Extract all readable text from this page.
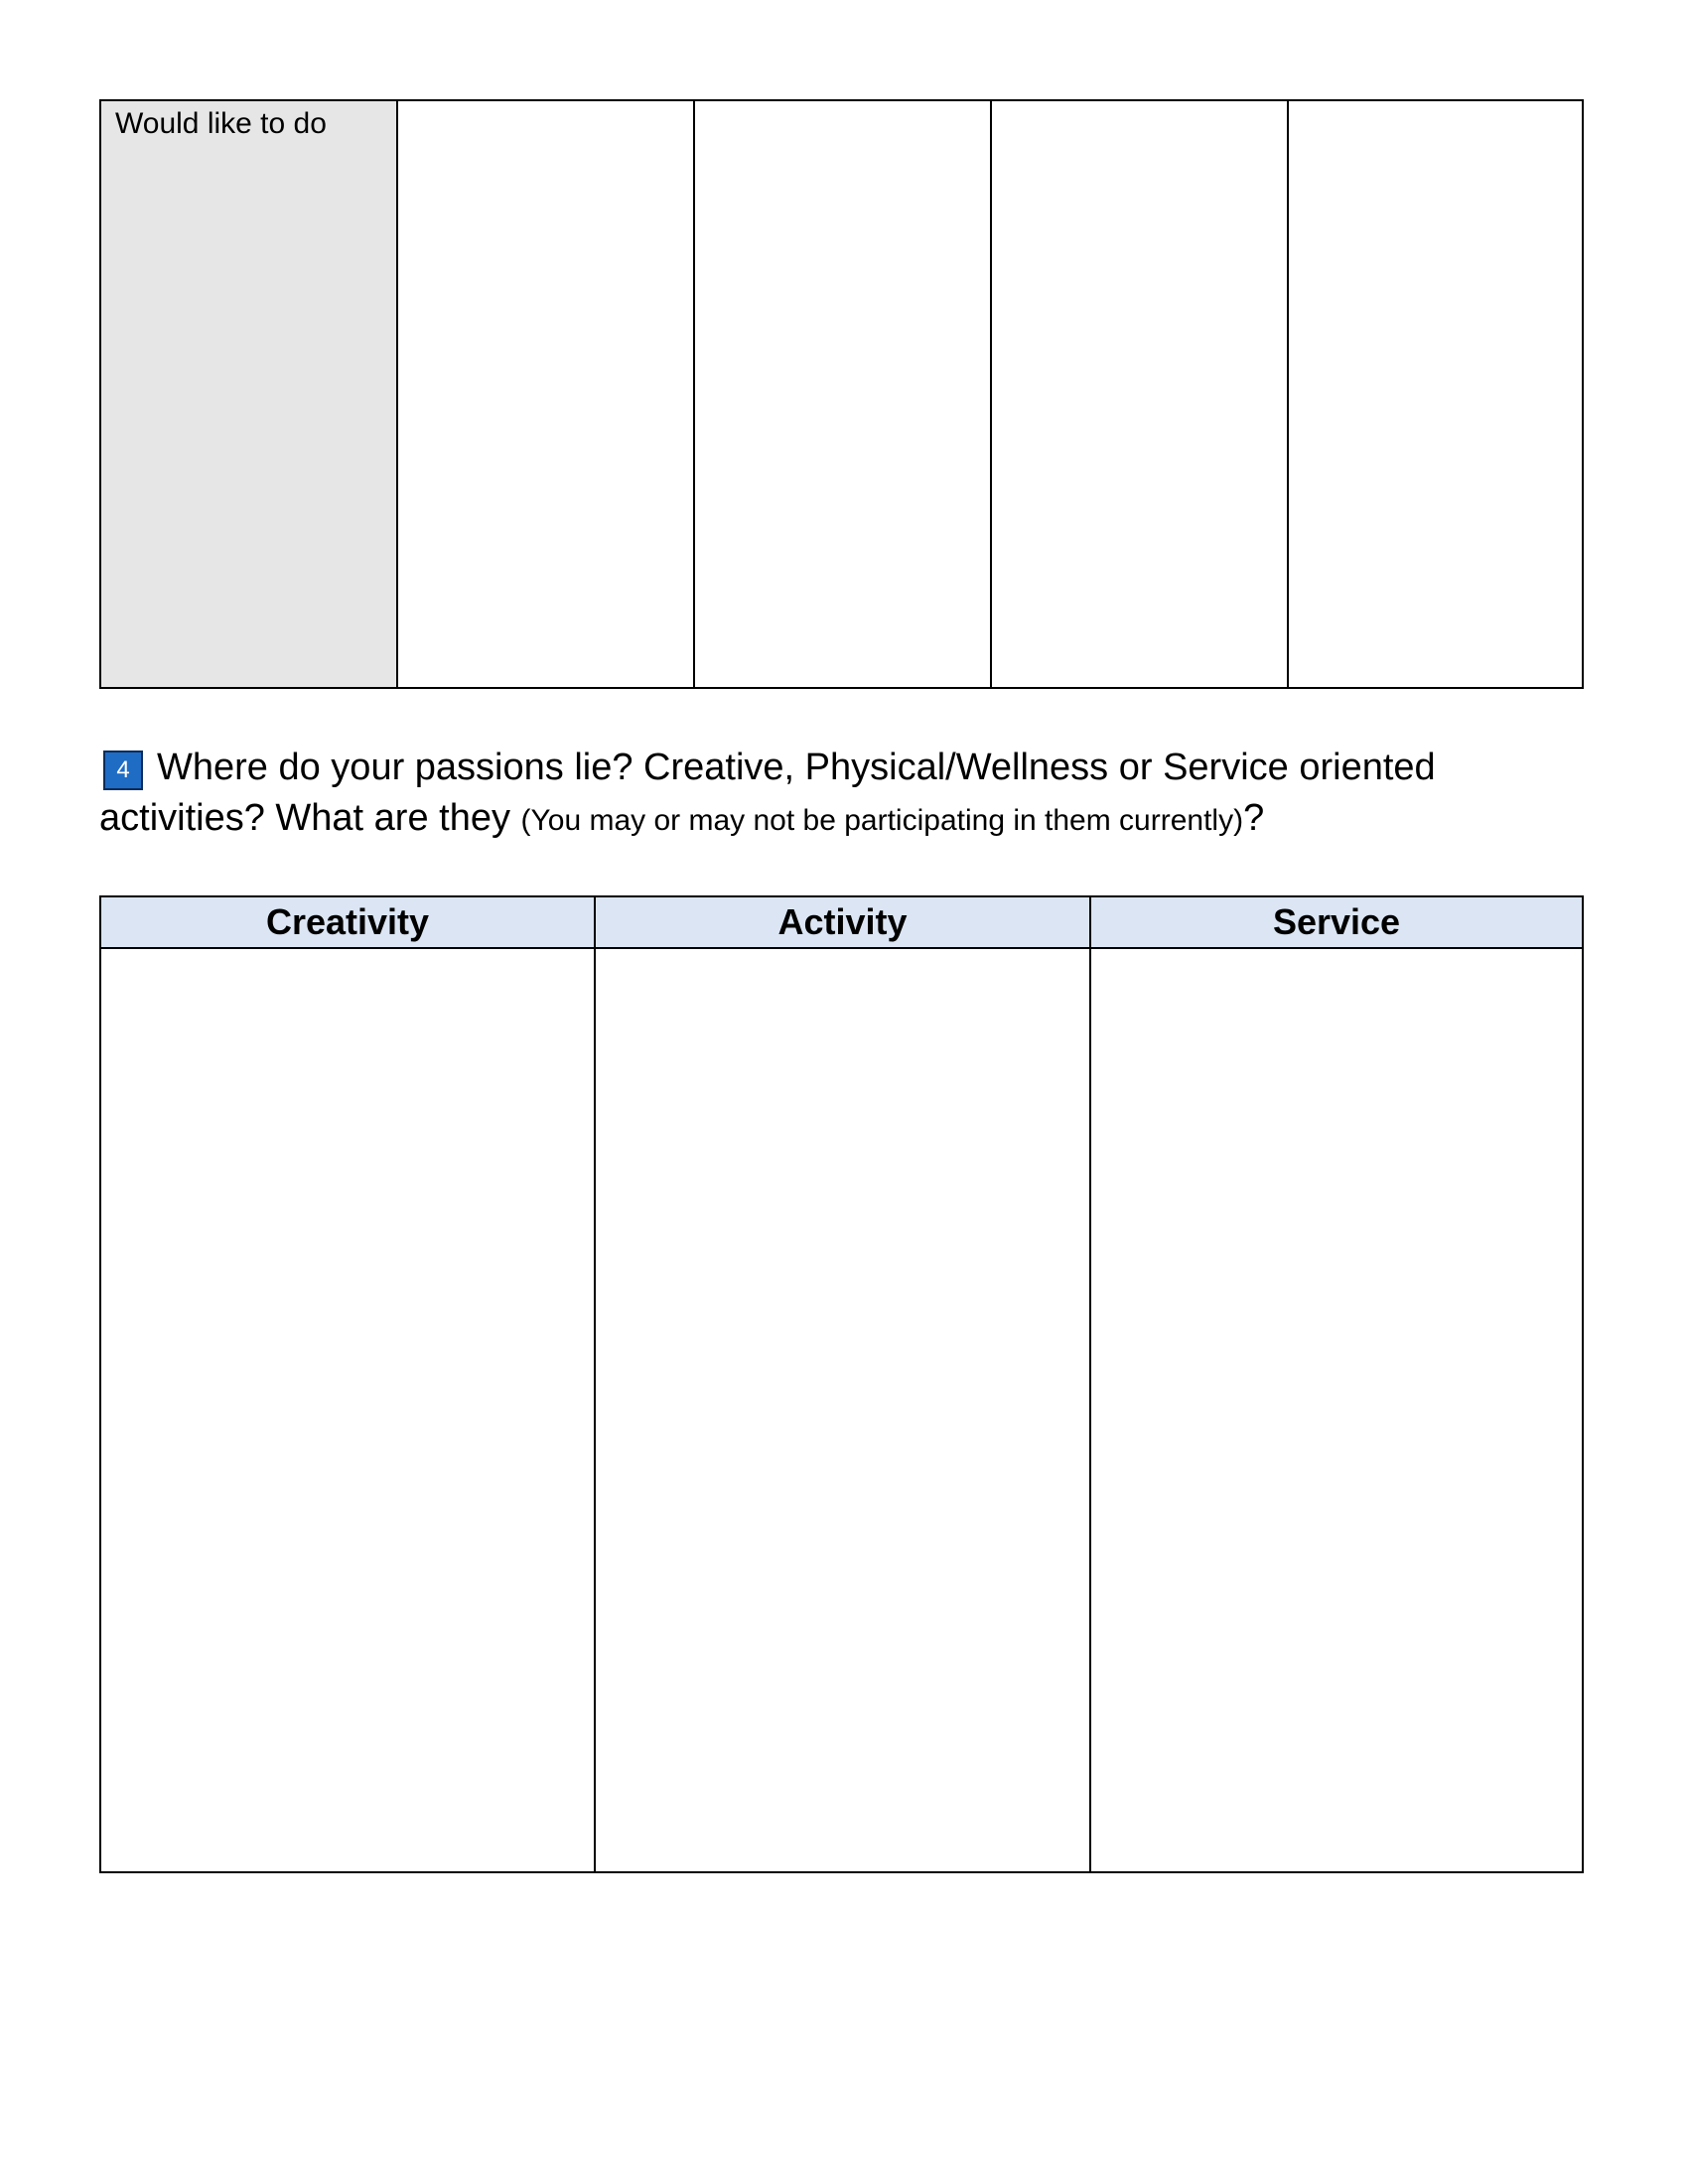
Would like to do
4 Where do your passions lie? Creative, Physical/Wellness or Service oriented activities? What are they (You may or may not be participating in them currently)?
Creativity	Activity	Service
